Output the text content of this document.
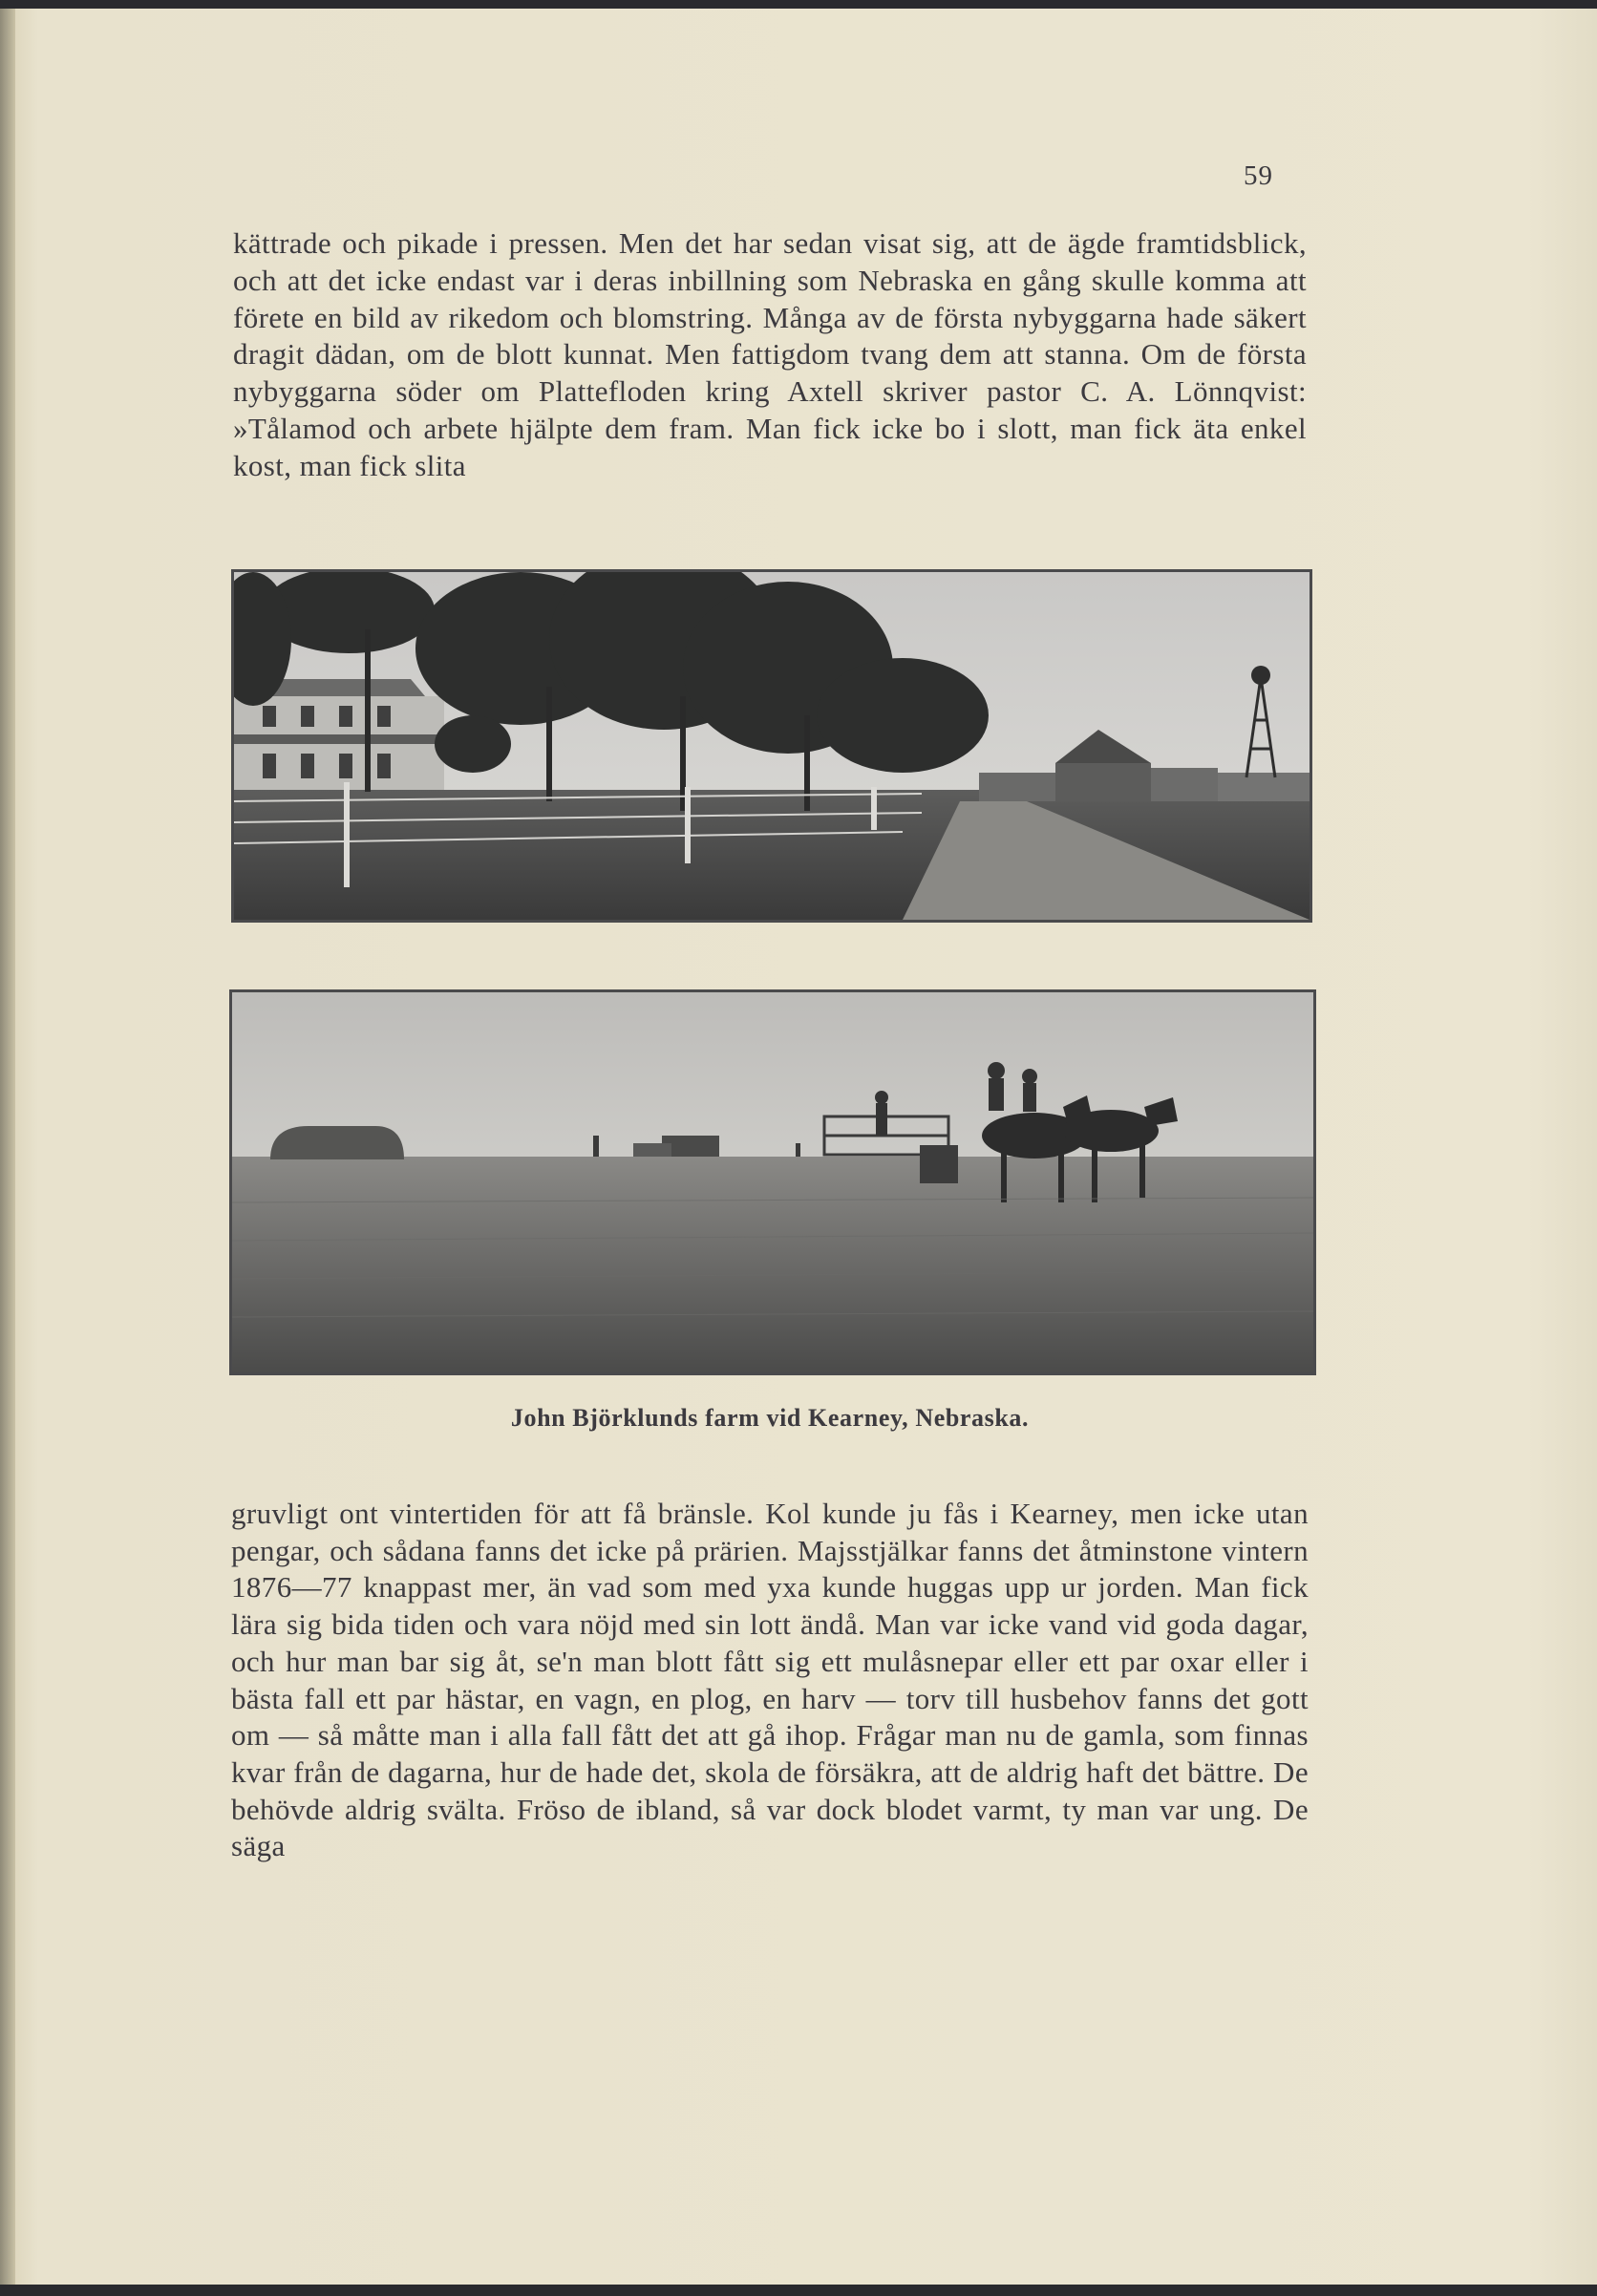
59

kättrade och pikade i pressen. Men det har sedan visat sig, att de ägde framtidsblick, och att det icke endast var i deras inbillning som Nebraska en gång skulle komma att förete en bild av rikedom och blomstring. Många av de första nybyggarna hade säkert dragit dädan, om de blott kunnat. Men fattigdom tvang dem att stanna. Om de första nybyggarna söder om Plattefloden kring Axtell skriver pastor C. A. Lönnqvist: »Tålamod och arbete hjälpte dem fram. Man fick icke bo i slott, man fick äta enkel kost, man fick slita

John Björklunds farm vid Kearney, Nebraska.

gruvligt ont vintertiden för att få bränsle. Kol kunde ju fås i Kearney, men icke utan pengar, och sådana fanns det icke på prärien. Majsstjälkar fanns det åtminstone vintern 1876—77 knappast mer, än vad som med yxa kunde huggas upp ur jorden. Man fick lära sig bida tiden och vara nöjd med sin lott ändå. Man var icke vand vid goda dagar, och hur man bar sig åt, se'n man blott fått sig ett mulåsnepar eller ett par oxar eller i bästa fall ett par hästar, en vagn, en plog, en harv — torv till husbehov fanns det gott om — så måtte man i alla fall fått det att gå ihop. Frågar man nu de gamla, som finnas kvar från de dagarna, hur de hade det, skola de försäkra, att de aldrig haft det bättre. De behövde aldrig svälta. Fröso de ibland, så var dock blodet varmt, ty man var ung. De säga
